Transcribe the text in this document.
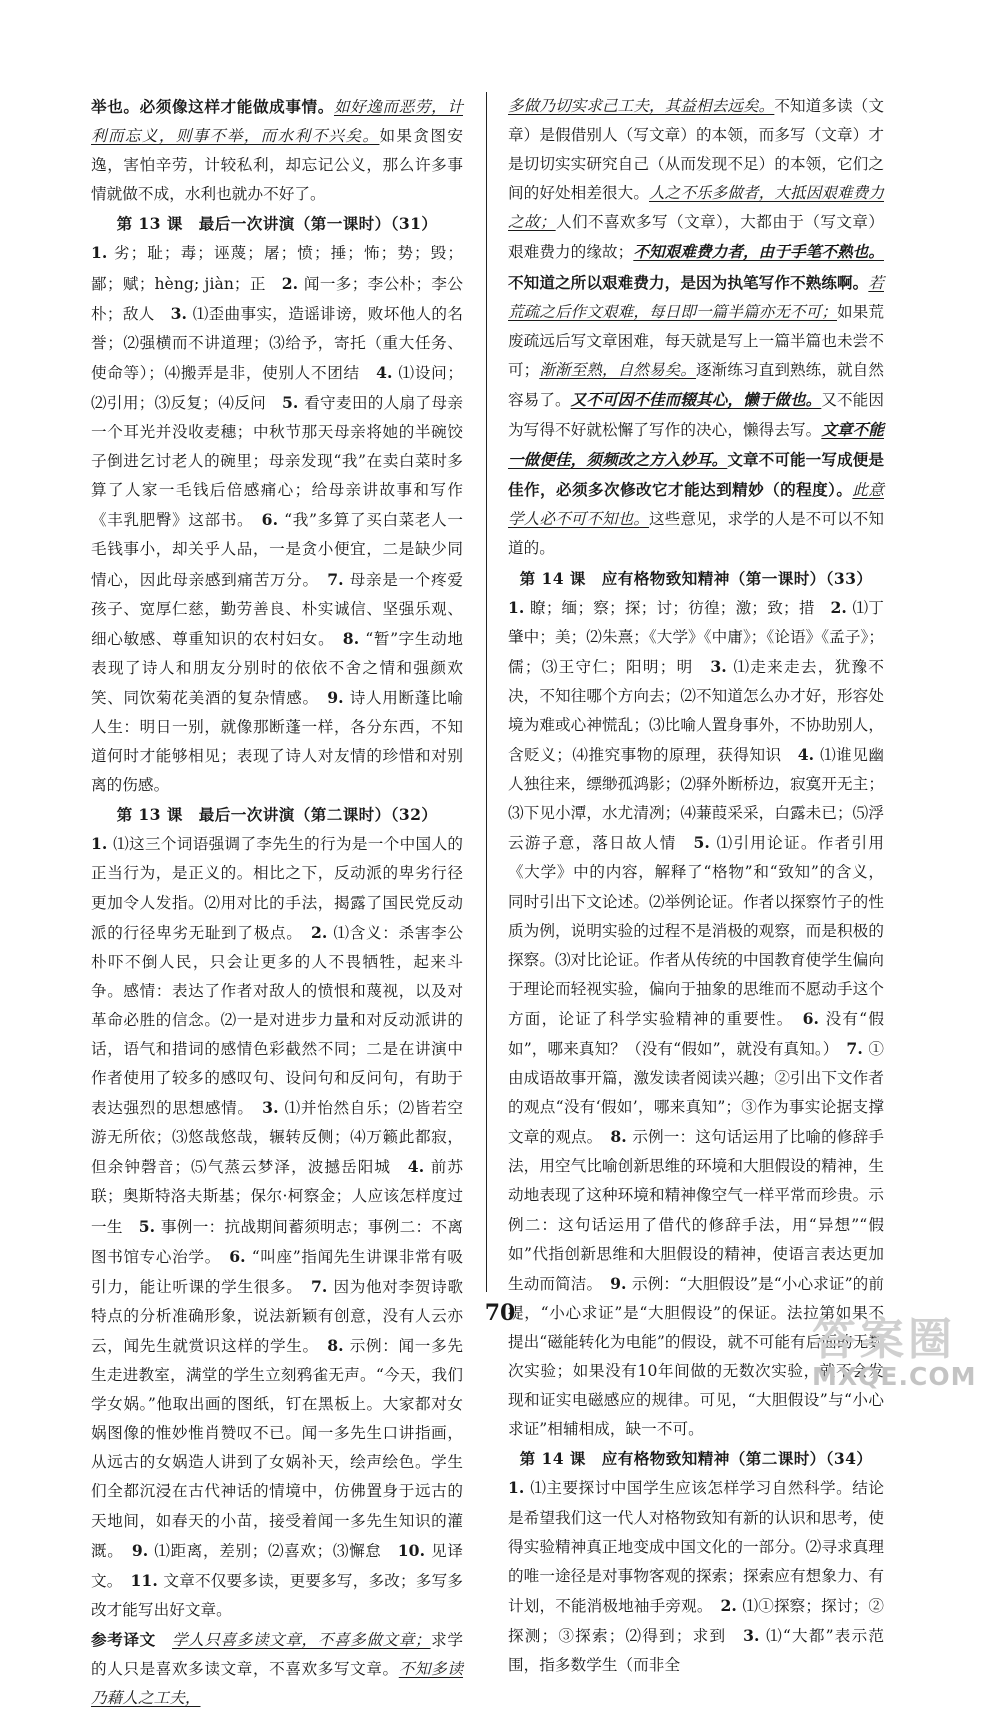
举也。必须像这样才能做成事情。如好逸而恶劳，计利而忘义，则事不举，而水利不兴矣。如果贪图安逸，害怕辛劳，计较私利，却忘记公义，那么许多事情就做不成，水利也就办不好了。

第 13 课　最后一次讲演（第一课时）（31）

1. 劣；耻；毒；诬蔑；屠；愤；捶；怖；势；毁；鄙；赋；hèng; jiàn；正　2. 闻一多；李公朴；李公朴；敌人　3. ⑴歪曲事实，造谣诽谤，败坏他人的名誉；⑵强横而不讲道理；⑶给予，寄托（重大任务、使命等）；⑷搬弄是非，使别人不团结　4. ⑴设问；⑵引用；⑶反复；⑷反问　5. 看守麦田的人扇了母亲一个耳光并没收麦穗；中秋节那天母亲将她的半碗饺子倒进乞讨老人的碗里；母亲发现“我”在卖白菜时多算了人家一毛钱后倍感痛心；给母亲讲故事和写作《丰乳肥臀》这部书。　6. “我”多算了买白菜老人一毛钱事小，却关乎人品，一是贪小便宜，二是缺少同情心，因此母亲感到痛苦万分。　7. 母亲是一个疼爱孩子、宽厚仁慈，勤劳善良、朴实诚信、坚强乐观、细心敏感、尊重知识的农村妇女。　8. “暂”字生动地表现了诗人和朋友分别时的依依不舍之情和强颜欢笑、同饮菊花美酒的复杂情感。　9. 诗人用断蓬比喻人生：明日一别，就像那断蓬一样，各分东西，不知道何时才能够相见；表现了诗人对友情的珍惜和对别离的伤感。

第 13 课　最后一次讲演（第二课时）（32）

1. ⑴这三个词语强调了李先生的行为是一个中国人的正当行为，是正义的。相比之下，反动派的卑劣行径更加令人发指。⑵用对比的手法，揭露了国民党反动派的行径卑劣无耻到了极点。　2. ⑴含义：杀害李公朴吓不倒人民，只会让更多的人不畏牺牲，起来斗争。感情：表达了作者对敌人的愤恨和蔑视，以及对革命必胜的信念。⑵一是对进步力量和对反动派讲的话，语气和措词的感情色彩截然不同；二是在讲演中作者使用了较多的感叹句、设问句和反问句，有助于表达强烈的思想感情。　3. ⑴并怡然自乐；⑵皆若空游无所依；⑶悠哉悠哉，辗转反侧；⑷万籁此都寂，但余钟磬音；⑸气蒸云梦泽，波撼岳阳城　4. 前苏联；奥斯特洛夫斯基；保尔·柯察金；人应该怎样度过一生　5. 事例一：抗战期间蓄须明志；事例二：不离图书馆专心治学。　6. “叫座”指闻先生讲课非常有吸引力，能让听课的学生很多。　7. 因为他对李贺诗歌特点的分析准确形象，说法新颖有创意，没有人云亦云，闻先生就赏识这样的学生。　8. 示例：闻一多先生走进教室，满堂的学生立刻鸦雀无声。“今天，我们学女娲。”他取出画的图纸，钉在黑板上。大家都对女娲图像的惟妙惟肖赞叹不已。闻一多先生口讲指画，从远古的女娲造人讲到了女娲补天，绘声绘色。学生们全都沉浸在古代神话的情境中，仿佛置身于远古的天地间，如春天的小苗，接受着闻一多先生知识的灌溉。　9. ⑴距离，差别；⑵喜欢；⑶懈怠　10. 见译文。　11. 文章不仅要多读，更要多写，多改；多写多改才能写出好文章。

参考译文　学人只喜多读文章，不喜多做文章；求学的人只是喜欢多读文章，不喜欢多写文章。不知多读乃藉人之工夫，

多做乃切实求己工夫，其益相去远矣。不知道多读（文章）是假借别人（写文章）的本领，而多写（文章）才是切切实实研究自己（从而发现不足）的本领，它们之间的好处相差很大。人之不乐多做者，大抵因艰难费力之故；人们不喜欢多写（文章），大都由于（写文章）艰难费力的缘故；不知艰难费力者，由于手笔不熟也。不知道之所以艰难费力，是因为执笔写作不熟练啊。若荒疏之后作文艰难，每日即一篇半篇亦无不可；如果荒废疏远后写文章困难，每天就是写上一篇半篇也未尝不可；渐渐至熟，自然易矣。逐渐练习直到熟练，就自然容易了。又不可因不佳而辍其心，懒于做也。又不能因为写得不好就松懈了写作的决心，懒得去写。文章不能一做便佳，须频改之方入妙耳。文章不可能一写成便是佳作，必须多次修改它才能达到精妙（的程度）。此意学人必不可不知也。这些意见，求学的人是不可以不知道的。

第 14 课　应有格物致知精神（第一课时）（33）

1. 瞭；缅；察；探；讨；彷徨；激；致；措　2. ⑴丁肇中；美；⑵朱熹；《大学》《中庸》；《论语》《孟子》；儒；⑶王守仁；阳明；明　3. ⑴走来走去，犹豫不决，不知往哪个方向去；⑵不知道怎么办才好，形容处境为难或心神慌乱；⑶比喻人置身事外，不协助别人，含贬义；⑷推究事物的原理，获得知识　4. ⑴谁见幽人独往来，缥缈孤鸿影；⑵驿外断桥边，寂寞开无主；⑶下见小潭，水尤清冽；⑷蒹葭采采，白露未已；⑸浮云游子意，落日故人情　5. ⑴引用论证。作者引用《大学》中的内容，解释了“格物”和“致知”的含义，同时引出下文论述。⑵举例论证。作者以探察竹子的性质为例，说明实验的过程不是消极的观察，而是积极的探察。⑶对比论证。作者从传统的中国教育使学生偏向于理论而轻视实验，偏向于抽象的思维而不愿动手这个方面，论证了科学实验精神的重要性。　6. 没有“假如”，哪来真知？（没有“假如”，就没有真知。）　7. ①由成语故事开篇，激发读者阅读兴趣；②引出下文作者的观点“没有‘假如’，哪来真知”；③作为事实论据支撑文章的观点。　8. 示例一：这句话运用了比喻的修辞手法，用空气比喻创新思维的环境和大胆假设的精神，生动地表现了这种环境和精神像空气一样平常而珍贵。示例二：这句话运用了借代的修辞手法，用“异想”“假如”代指创新思维和大胆假设的精神，使语言表达更加生动而简洁。　9. 示例：“大胆假设”是“小心求证”的前提，“小心求证”是“大胆假设”的保证。法拉第如果不提出“磁能转化为电能”的假设，就不可能有后面的无数次实验；如果没有10年间做的无数次实验，就不会发现和证实电磁感应的规律。可见，“大胆假设”与“小心求证”相辅相成，缺一不可。

第 14 课　应有格物致知精神（第二课时）（34）

1. ⑴主要探讨中国学生应该怎样学习自然科学。结论是希望我们这一代人对格物致知有新的认识和思考，使得实验精神真正地变成中国文化的一部分。⑵寻求真理的唯一途径是对事物客观的探索；探索应有想象力、有计划，不能消极地袖手旁观。　2. ⑴①探察；探讨；②探测；③探索；⑵得到；求到　3. ⑴“大都”表示范围，指多数学生（而非全

70
答案圈
MXQE.COM
